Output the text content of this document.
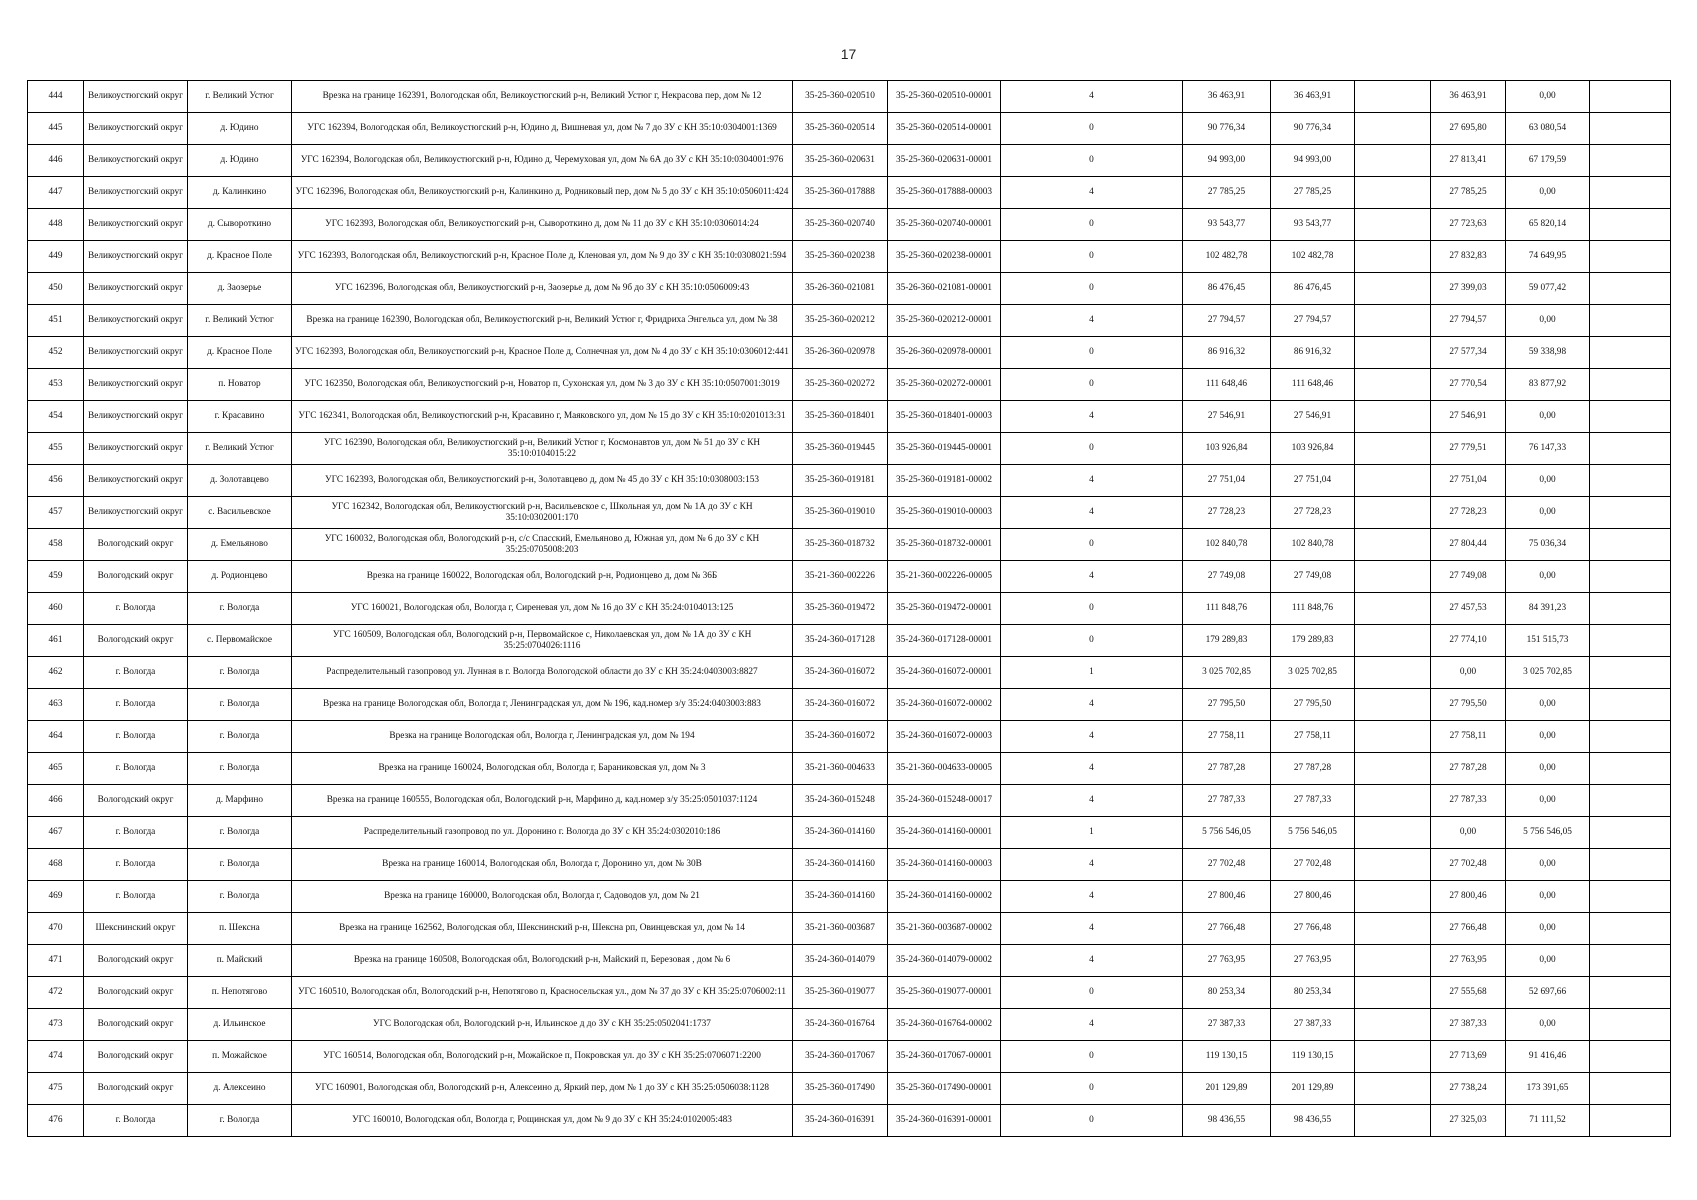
17
444	Великоустюгский округ	г. Великий Устюг	Врезка на границе 162391, Вологодская обл, Великоустюгский р-н, Великий Устюг г, Некрасова пер, дом № 12	35-25-360-020510	35-25-360-020510-00001	4	36 463,91	36 463,91		36 463,91	0,00	
445	Великоустюгский округ	д. Юдино	УГС 162394, Вологодская обл, Великоустюгский р-н, Юдино д, Вишневая ул, дом № 7 до ЗУ с КН 35:10:0304001:1369	35-25-360-020514	35-25-360-020514-00001	0	90 776,34	90 776,34		27 695,80	63 080,54	
446	Великоустюгский округ	д. Юдино	УГС 162394, Вологодская обл, Великоустюгский р-н, Юдино д, Черемуховая ул, дом № 6А до ЗУ с КН 35:10:0304001:976	35-25-360-020631	35-25-360-020631-00001	0	94 993,00	94 993,00		27 813,41	67 179,59	
447	Великоустюгский округ	д. Калинкино	УГС 162396, Вологодская обл, Великоустюгский р-н, Калинкино д, Родниковый пер, дом № 5 до ЗУ с КН 35:10:0506011:424	35-25-360-017888	35-25-360-017888-00003	4	27 785,25	27 785,25		27 785,25	0,00	
448	Великоустюгский округ	д. Сывороткино	УГС 162393, Вологодская обл, Великоустюгский р-н, Сывороткино д, дом № 11 до ЗУ с КН 35:10:0306014:24	35-25-360-020740	35-25-360-020740-00001	0	93 543,77	93 543,77		27 723,63	65 820,14	
449	Великоустюгский округ	д. Красное Поле	УГС 162393, Вологодская обл, Великоустюгский р-н, Красное Поле д, Кленовая ул, дом № 9 до ЗУ с КН 35:10:0308021:594	35-25-360-020238	35-25-360-020238-00001	0	102 482,78	102 482,78		27 832,83	74 649,95	
450	Великоустюгский округ	д. Заозерье	УГС 162396, Вологодская обл, Великоустюгский р-н, Заозерье д, дом № 9б до ЗУ с КН 35:10:0506009:43	35-26-360-021081	35-26-360-021081-00001	0	86 476,45	86 476,45		27 399,03	59 077,42	
451	Великоустюгский округ	г. Великий Устюг	Врезка на границе 162390, Вологодская обл, Великоустюгский р-н, Великий Устюг г, Фридриха Энгельса ул, дом № 38	35-25-360-020212	35-25-360-020212-00001	4	27 794,57	27 794,57		27 794,57	0,00	
452	Великоустюгский округ	д. Красное Поле	УГС 162393, Вологодская обл, Великоустюгский р-н, Красное Поле д, Солнечная ул, дом № 4 до ЗУ с КН 35:10:0306012:441	35-26-360-020978	35-26-360-020978-00001	0	86 916,32	86 916,32		27 577,34	59 338,98	
453	Великоустюгский округ	п. Новатор	УГС 162350, Вологодская обл, Великоустюгский р-н, Новатор п, Сухонская ул, дом № 3 до ЗУ с КН 35:10:0507001:3019	35-25-360-020272	35-25-360-020272-00001	0	111 648,46	111 648,46		27 770,54	83 877,92	
454	Великоустюгский округ	г. Красавино	УГС 162341, Вологодская обл, Великоустюгский р-н, Красавино г, Маяковского ул, дом № 15 до ЗУ с КН 35:10:0201013:31	35-25-360-018401	35-25-360-018401-00003	4	27 546,91	27 546,91		27 546,91	0,00	
455	Великоустюгский округ	г. Великий Устюг	УГС 162390, Вологодская обл, Великоустюгский р-н, Великий Устюг г, Космонавтов ул, дом № 51 до ЗУ с КН 35:10:0104015:22	35-25-360-019445	35-25-360-019445-00001	0	103 926,84	103 926,84		27 779,51	76 147,33	
456	Великоустюгский округ	д. Золотавцево	УГС 162393, Вологодская обл, Великоустюгский р-н, Золотавцево д, дом № 45 до ЗУ с КН 35:10:0308003:153	35-25-360-019181	35-25-360-019181-00002	4	27 751,04	27 751,04		27 751,04	0,00	
457	Великоустюгский округ	с. Васильевское	УГС 162342, Вологодская обл, Великоустюгский р-н, Васильевское с, Школьная ул, дом № 1А до ЗУ с КН 35:10:0302001:170	35-25-360-019010	35-25-360-019010-00003	4	27 728,23	27 728,23		27 728,23	0,00	
458	Вологодский округ	д. Емельяново	УГС 160032, Вологодская обл, Вологодский р-н, с/с Спасский, Емельяново д, Южная ул, дом № 6 до ЗУ с КН 35:25:0705008:203	35-25-360-018732	35-25-360-018732-00001	0	102 840,78	102 840,78		27 804,44	75 036,34	
459	Вологодский округ	д. Родионцево	Врезка на границе 160022, Вологодская обл, Вологодский р-н, Родионцево д, дом № 36Б	35-21-360-002226	35-21-360-002226-00005	4	27 749,08	27 749,08		27 749,08	0,00	
460	г. Вологда	г. Вологда	УГС 160021, Вологодская обл, Вологда г, Сиреневая ул, дом № 16 до ЗУ с КН 35:24:0104013:125	35-25-360-019472	35-25-360-019472-00001	0	111 848,76	111 848,76		27 457,53	84 391,23	
461	Вологодский округ	с. Первомайское	УГС 160509, Вологодская обл, Вологодский р-н, Первомайское с, Николаевская ул, дом № 1А до ЗУ с КН 35:25:0704026:1116	35-24-360-017128	35-24-360-017128-00001	0	179 289,83	179 289,83		27 774,10	151 515,73	
462	г. Вологда	г. Вологда	Распределительный газопровод ул. Лунная в г. Вологда Вологодской области до ЗУ с КН 35:24:0403003:8827	35-24-360-016072	35-24-360-016072-00001	1	3 025 702,85	3 025 702,85		0,00	3 025 702,85	
463	г. Вологда	г. Вологда	Врезка на границе Вологодская обл, Вологда г, Ленинградская ул, дом № 196, кад.номер з/у 35:24:0403003:883	35-24-360-016072	35-24-360-016072-00002	4	27 795,50	27 795,50		27 795,50	0,00	
464	г. Вологда	г. Вологда	Врезка на границе Вологодская обл, Вологда г, Ленинградская ул, дом № 194	35-24-360-016072	35-24-360-016072-00003	4	27 758,11	27 758,11		27 758,11	0,00	
465	г. Вологда	г. Вологда	Врезка на границе 160024, Вологодская обл, Вологда г, Бараниковская ул, дом № 3	35-21-360-004633	35-21-360-004633-00005	4	27 787,28	27 787,28		27 787,28	0,00	
466	Вологодский округ	д. Марфино	Врезка на границе 160555, Вологодская обл, Вологодский р-н, Марфино д, кад.номер з/у 35:25:0501037:1124	35-24-360-015248	35-24-360-015248-00017	4	27 787,33	27 787,33		27 787,33	0,00	
467	г. Вологда	г. Вологда	Распределительный газопровод по ул. Доронино г. Вологда до ЗУ с КН 35:24:0302010:186	35-24-360-014160	35-24-360-014160-00001	1	5 756 546,05	5 756 546,05		0,00	5 756 546,05	
468	г. Вологда	г. Вологда	Врезка на границе 160014, Вологодская обл, Вологда г, Доронино ул, дом № 30В	35-24-360-014160	35-24-360-014160-00003	4	27 702,48	27 702,48		27 702,48	0,00	
469	г. Вологда	г. Вологда	Врезка на границе 160000, Вологодская обл, Вологда г, Садоводов ул, дом № 21	35-24-360-014160	35-24-360-014160-00002	4	27 800,46	27 800,46		27 800,46	0,00	
470	Шекснинский округ	п. Шексна	Врезка на границе 162562, Вологодская обл, Шекснинский р-н, Шексна рп, Овинцевская ул, дом № 14	35-21-360-003687	35-21-360-003687-00002	4	27 766,48	27 766,48		27 766,48	0,00	
471	Вологодский округ	п. Майский	Врезка на границе 160508, Вологодская обл, Вологодский р-н, Майский п, Березовая , дом № 6	35-24-360-014079	35-24-360-014079-00002	4	27 763,95	27 763,95		27 763,95	0,00	
472	Вологодский округ	п. Непотягово	УГС 160510, Вологодская обл, Вологодский р-н, Непотягово п, Красносельская ул., дом № 37 до ЗУ с КН 35:25:0706002:11	35-25-360-019077	35-25-360-019077-00001	0	80 253,34	80 253,34		27 555,68	52 697,66	
473	Вологодский округ	д. Ильинское	УГС Вологодская обл, Вологодский р-н, Ильинское д до ЗУ с КН 35:25:0502041:1737	35-24-360-016764	35-24-360-016764-00002	4	27 387,33	27 387,33		27 387,33	0,00	
474	Вологодский округ	п. Можайское	УГС 160514, Вологодская обл, Вологодский р-н, Можайское п, Покровская ул. до ЗУ с КН 35:25:0706071:2200	35-24-360-017067	35-24-360-017067-00001	0	119 130,15	119 130,15		27 713,69	91 416,46	
475	Вологодский округ	д. Алексеино	УГС 160901, Вологодская обл, Вологодский р-н, Алексеино д, Яркий пер, дом № 1 до ЗУ с КН 35:25:0506038:1128	35-25-360-017490	35-25-360-017490-00001	0	201 129,89	201 129,89		27 738,24	173 391,65	
476	г. Вологда	г. Вологда	УГС 160010, Вологодская обл, Вологда г, Рощинская ул, дом № 9 до ЗУ с КН 35:24:0102005:483	35-24-360-016391	35-24-360-016391-00001	0	98 436,55	98 436,55		27 325,03	71 111,52	
